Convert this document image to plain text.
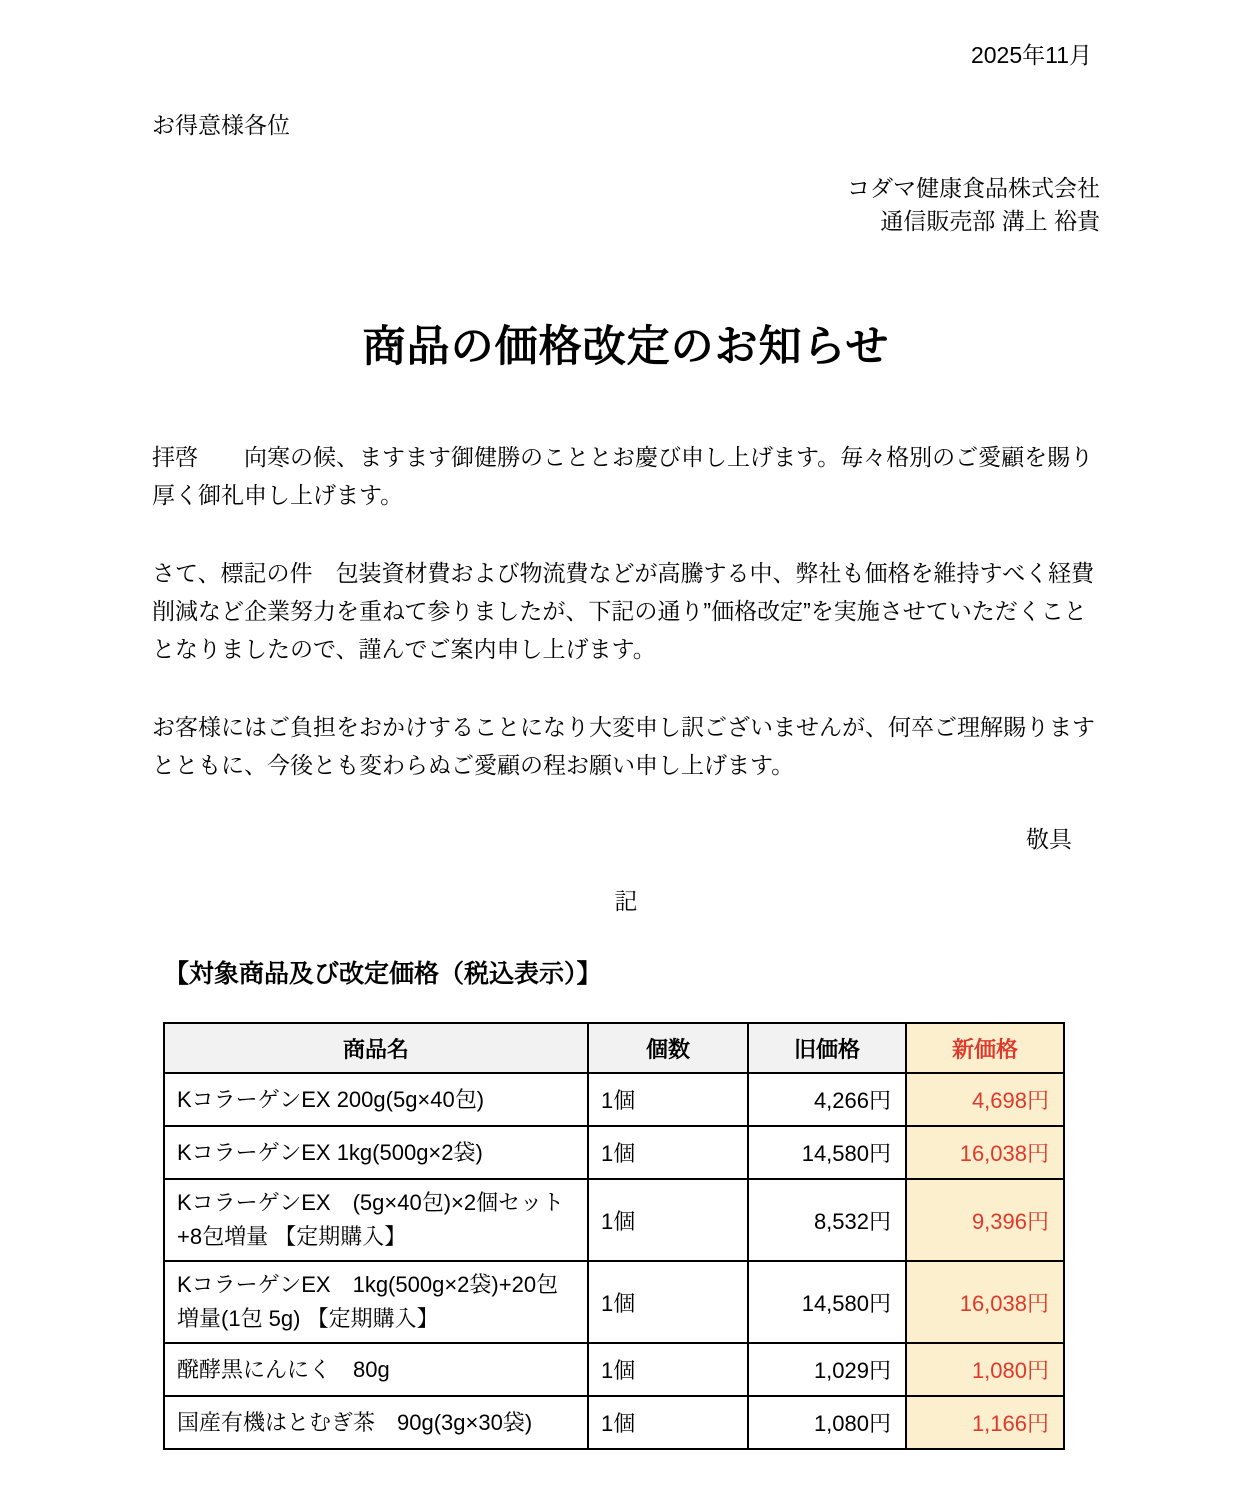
2025年11月
お得意様各位
コダマ健康食品株式会社
通信販売部 溝上 裕貴
商品の価格改定のお知らせ

拝啓　　向寒の候、ますます御健勝のこととお慶び申し上げます。毎々格別のご愛顧を賜り厚く御礼申し上げます。

さて、標記の件　包装資材費および物流費などが高騰する中、弊社も価格を維持すべく経費削減など企業努力を重ねて参りましたが、下記の通り”価格改定”を実施させていただくこととなりましたので、謹んでご案内申し上げます。

お客様にはご負担をおかけすることになり大変申し訳ございませんが、何卒ご理解賜りますとともに、今後とも変わらぬご愛顧の程お願い申し上げます。

敬具
記
【対象商品及び改定価格（税込表示）】
商品名	個数	旧価格	新価格
KコラーゲンEX 200g(5g×40包)	1個	4,266円	4,698円
KコラーゲンEX 1kg(500g×2袋)	1個	14,580円	16,038円
KコラーゲンEX　(5g×40包)×2個セット+8包増量 【定期購入】	1個	8,532円	9,396円
KコラーゲンEX　1kg(500g×2袋)+20包増量(1包 5g) 【定期購入】	1個	14,580円	16,038円
醗酵黒にんにく　80g	1個	1,029円	1,080円
国産有機はとむぎ茶　90g(3g×30袋)	1個	1,080円	1,166円
